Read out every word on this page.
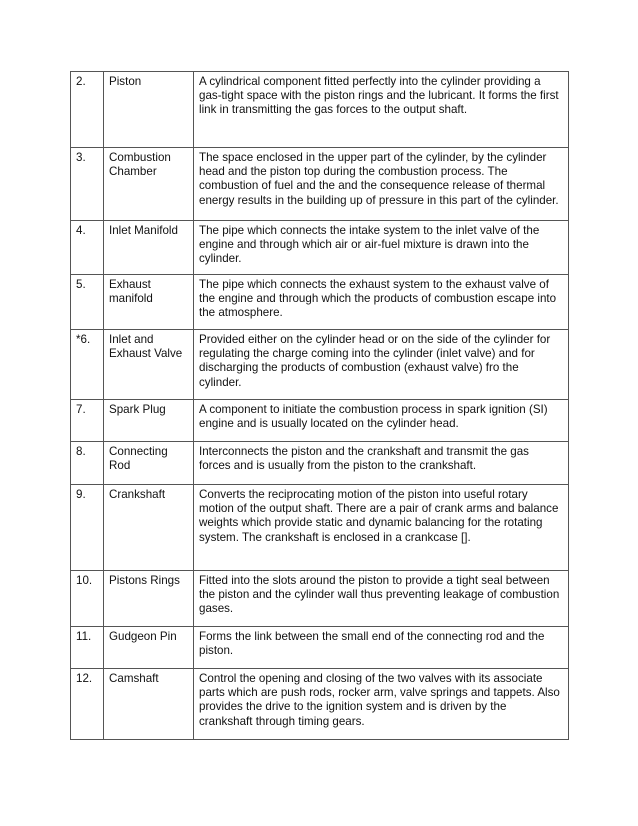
2.	Piston	A cylindrical component fitted perfectly into the cylinder providing a gas-tight space with the piston rings and the lubricant. It forms the first link in transmitting the gas forces to the output shaft.
3.	Combustion Chamber	The space enclosed in the upper part of the cylinder, by the cylinder head and the piston top during the combustion process. The combustion of fuel and the and the consequence release of thermal energy results in the building up of pressure in this part of the cylinder.
4.	Inlet Manifold	The pipe which connects the intake system to the inlet valve of the engine and through which air or air-fuel mixture is drawn into the cylinder.
5.	Exhaust manifold	The pipe which connects the exhaust system to the exhaust valve of the engine and through which the products of combustion escape into the atmosphere.
*6.	Inlet and Exhaust Valve	Provided either on the cylinder head or on the side of the cylinder for regulating the charge coming into the cylinder (inlet valve) and for discharging the products of combustion (exhaust valve) fro the cylinder.
7.	Spark Plug	A component to initiate the combustion process in spark ignition (SI) engine and is usually located on the cylinder head.
8.	Connecting Rod	Interconnects the piston and the crankshaft and transmit the gas forces and is usually from the piston to the crankshaft.
9.	Crankshaft	Converts the reciprocating motion of the piston into useful rotary motion of the output shaft. There are a pair of crank arms and balance weights which provide static and dynamic balancing for the rotating system. The crankshaft is enclosed in a crankcase [].
10.	Pistons Rings	Fitted into the slots around the piston to provide a tight seal between the piston and the cylinder wall thus preventing leakage of combustion gases.
11.	Gudgeon Pin	Forms the link between the small end of the connecting rod and the piston.
12.	Camshaft	Control the opening and closing of the two valves with its associate parts which are push rods, rocker arm, valve springs and tappets. Also provides the drive to the ignition system and is driven by the crankshaft through timing gears.
